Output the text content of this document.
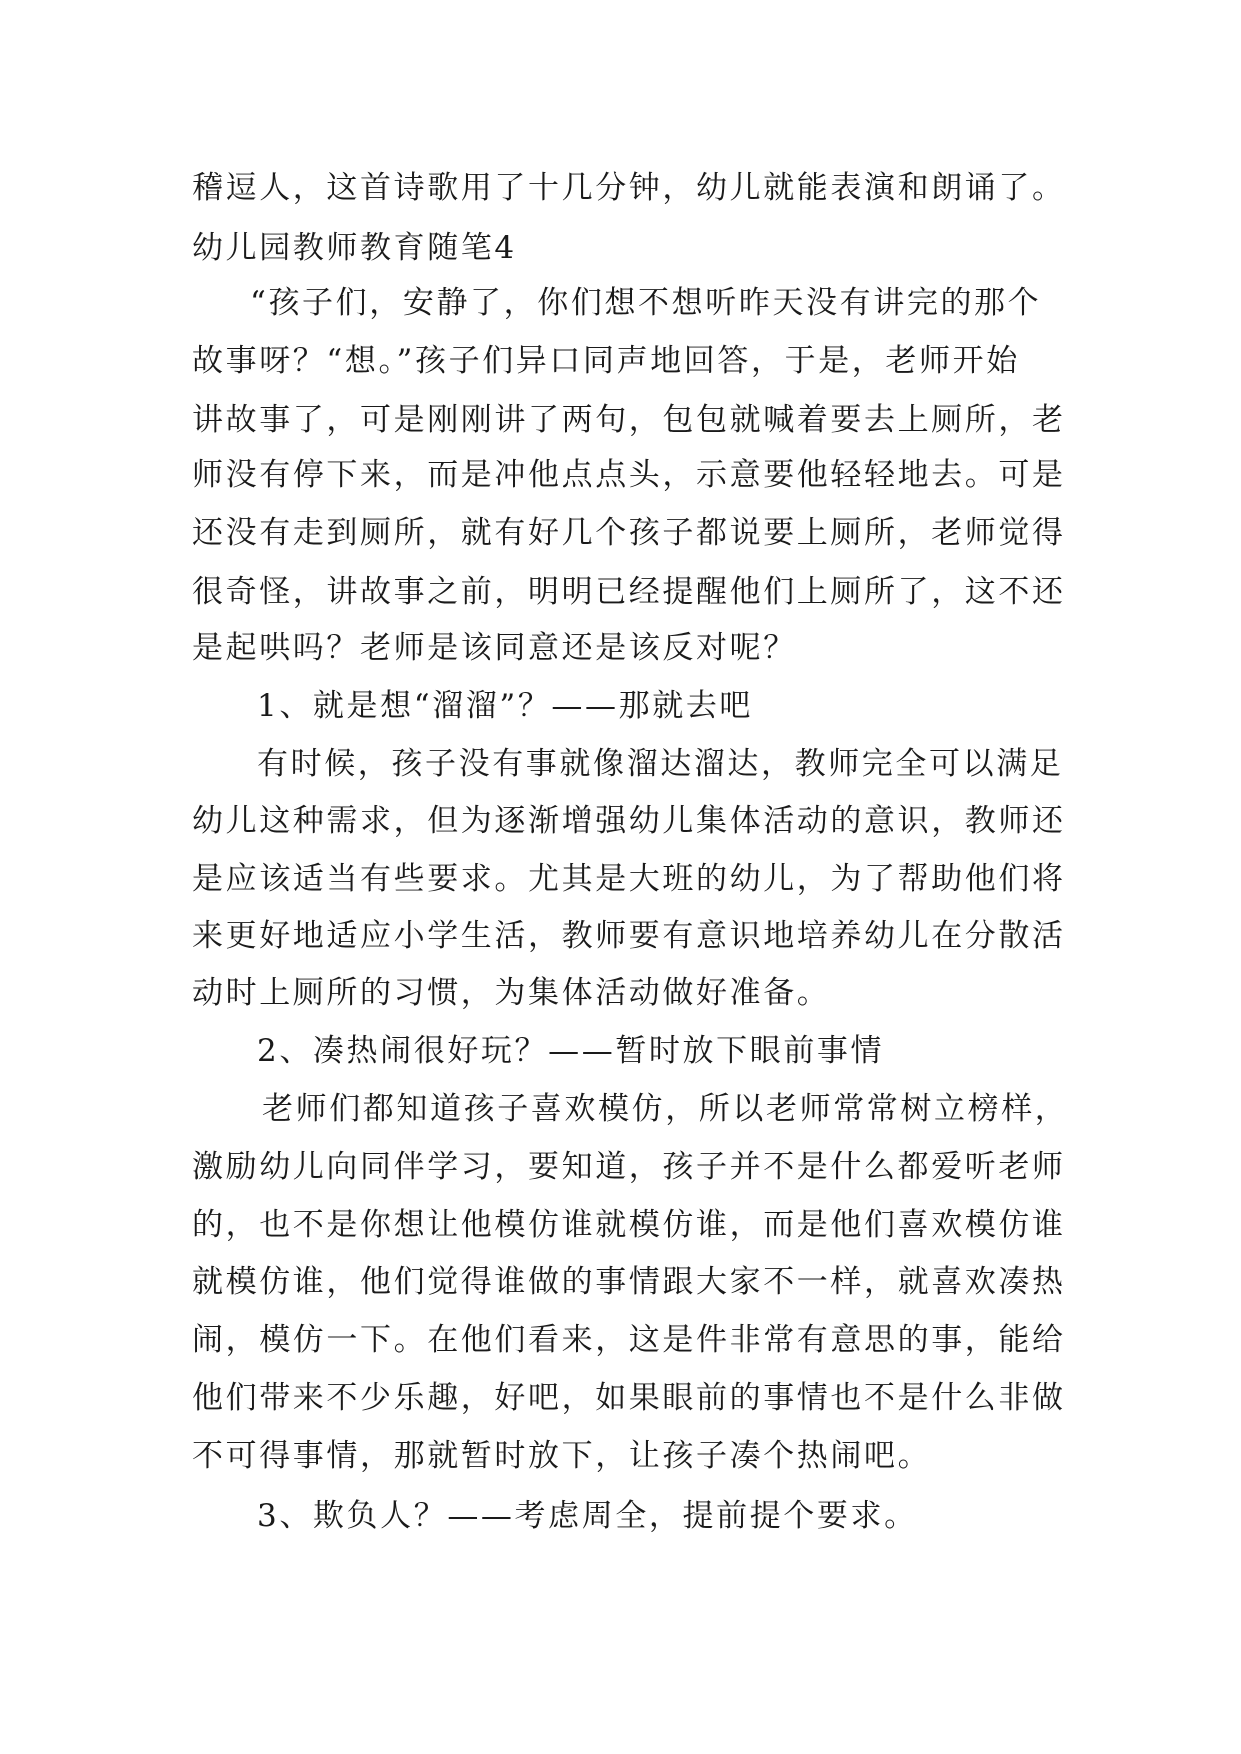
稽逗人，这首诗歌用了十几分钟，幼儿就能表演和朗诵了。
幼儿园教师教育随笔4
“孩子们，安静了，你们想不想听昨天没有讲完的那个
故事呀？“想。”孩子们异口同声地回答，于是，老师开始
讲故事了，可是刚刚讲了两句，包包就喊着要去上厕所，老
师没有停下来，而是冲他点点头，示意要他轻轻地去。可是
还没有走到厕所，就有好几个孩子都说要上厕所，老师觉得
很奇怪，讲故事之前，明明已经提醒他们上厕所了，这不还
是起哄吗？老师是该同意还是该反对呢？
1、就是想“溜溜”？——那就去吧
有时候，孩子没有事就像溜达溜达，教师完全可以满足
幼儿这种需求，但为逐渐增强幼儿集体活动的意识，教师还
是应该适当有些要求。尤其是大班的幼儿，为了帮助他们将
来更好地适应小学生活，教师要有意识地培养幼儿在分散活
动时上厕所的习惯，为集体活动做好准备。
2、凑热闹很好玩？——暂时放下眼前事情
老师们都知道孩子喜欢模仿，所以老师常常树立榜样，
激励幼儿向同伴学习，要知道，孩子并不是什么都爱听老师
的，也不是你想让他模仿谁就模仿谁，而是他们喜欢模仿谁
就模仿谁，他们觉得谁做的事情跟大家不一样，就喜欢凑热
闹，模仿一下。在他们看来，这是件非常有意思的事，能给
他们带来不少乐趣，好吧，如果眼前的事情也不是什么非做
不可得事情，那就暂时放下，让孩子凑个热闹吧。
3、欺负人？——考虑周全，提前提个要求。
